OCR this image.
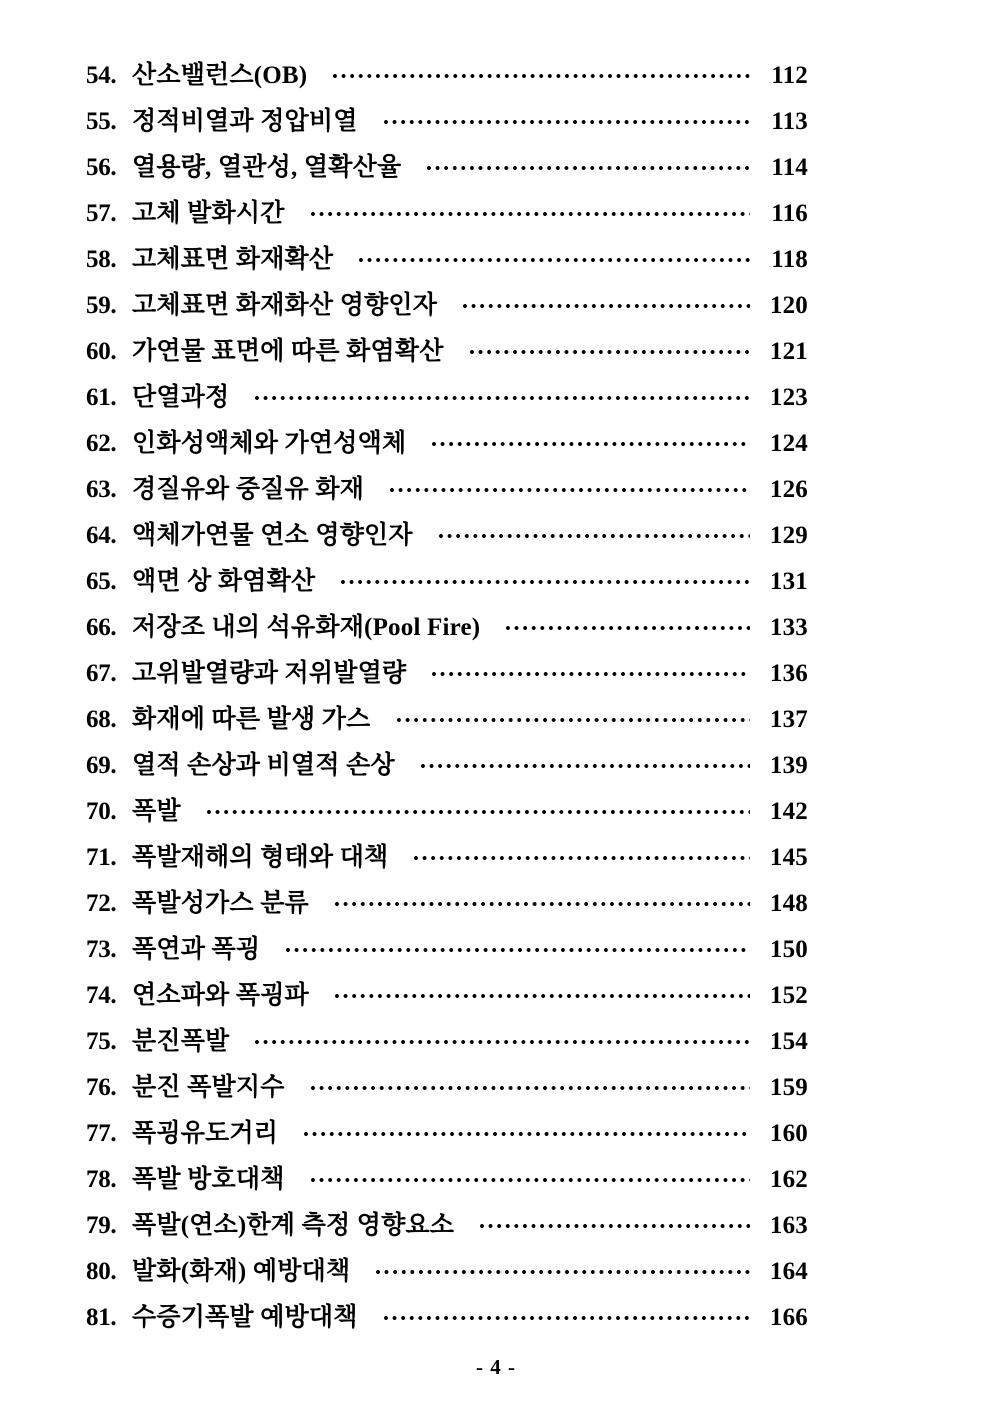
54. 산소밸런스(OB)	112
55. 정적비열과 정압비열	113
56. 열용량, 열관성, 열확산율	114
57. 고체 발화시간	116
58. 고체표면 화재확산	118
59. 고체표면 화재화산 영향인자	120
60. 가연물 표면에 따른 화염확산	121
61. 단열과정	123
62. 인화성액체와 가연성액체	124
63. 경질유와 중질유 화재	126
64. 액체가연물 연소 영향인자	129
65. 액면 상 화염확산	131
66. 저장조 내의 석유화재(Pool Fire)	133
67. 고위발열량과 저위발열량	136
68. 화재에 따른 발생 가스	137
69. 열적 손상과 비열적 손상	139
70. 폭발	142
71. 폭발재해의 형태와 대책	145
72. 폭발성가스 분류	148
73. 폭연과 폭굉	150
74. 연소파와 폭굉파	152
75. 분진폭발	154
76. 분진 폭발지수	159
77. 폭굉유도거리	160
78. 폭발 방호대책	162
79. 폭발(연소)한계 측정 영향요소	163
80. 발화(화재) 예방대책	164
81. 수증기폭발 예방대책	166
- 4 -
